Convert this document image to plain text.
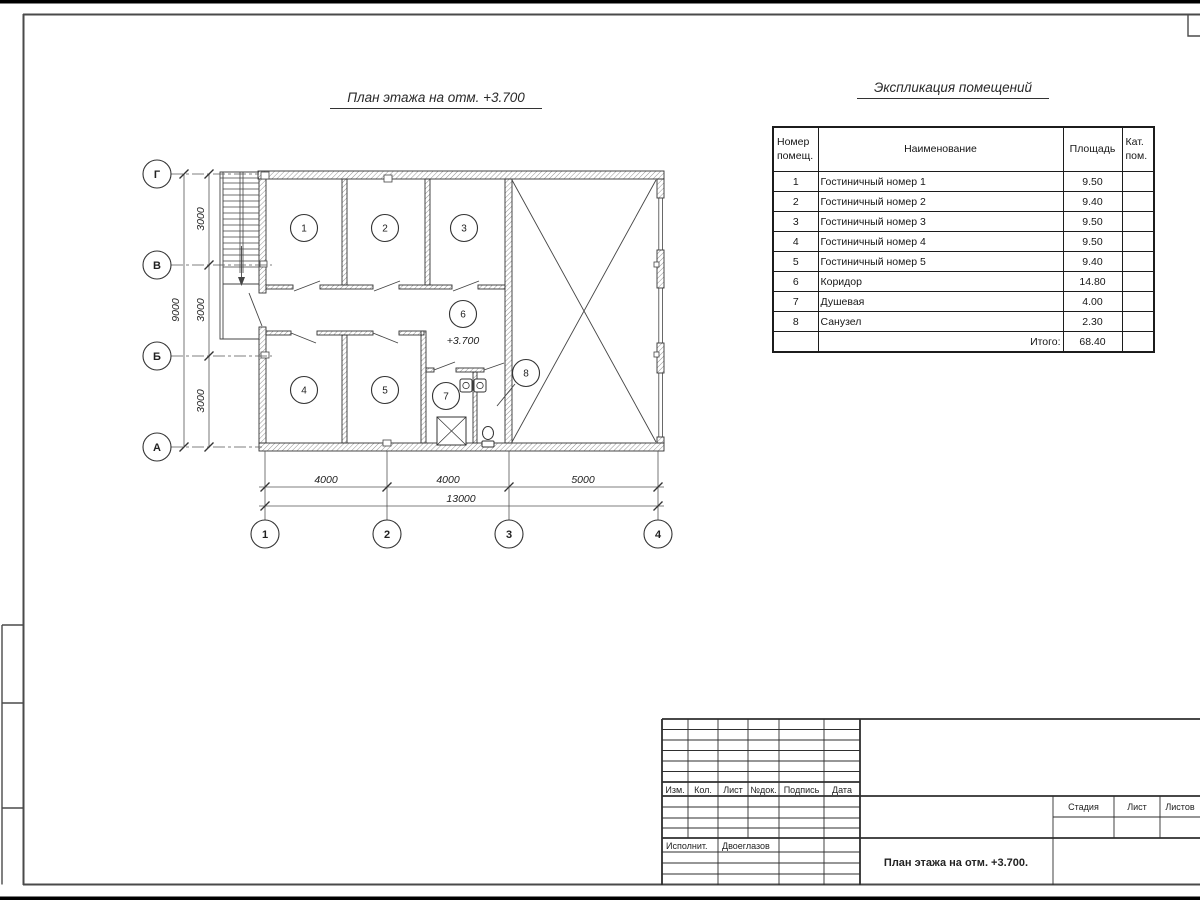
1	2	3
4	5
6
7
8
+3.700
Г
В
Б
А
3000
3000
3000
9000
4000	4000	5000
13000
1	2	3	4
Изм. Кол. Лист №док. Подпись Дата
Исполнит. Двоеглазов
Стадия	Лист Листов
План этажа на отм. +3.700.
План этажа на отм. +3.700
Экспликация помещений
Номер помещ.	Наименование	Площадь	Кат. пом.
1	Гостиничный номер 1	9.50	
2	Гостиничный номер 2	9.40	
3	Гостиничный номер 3	9.50	
4	Гостиничный номер 4	9.50	
5	Гостиничный номер 5	9.40	
6	Коридор	14.80	
7	Душевая	4.00	
8	Санузел	2.30	
	Итого:	68.40	
